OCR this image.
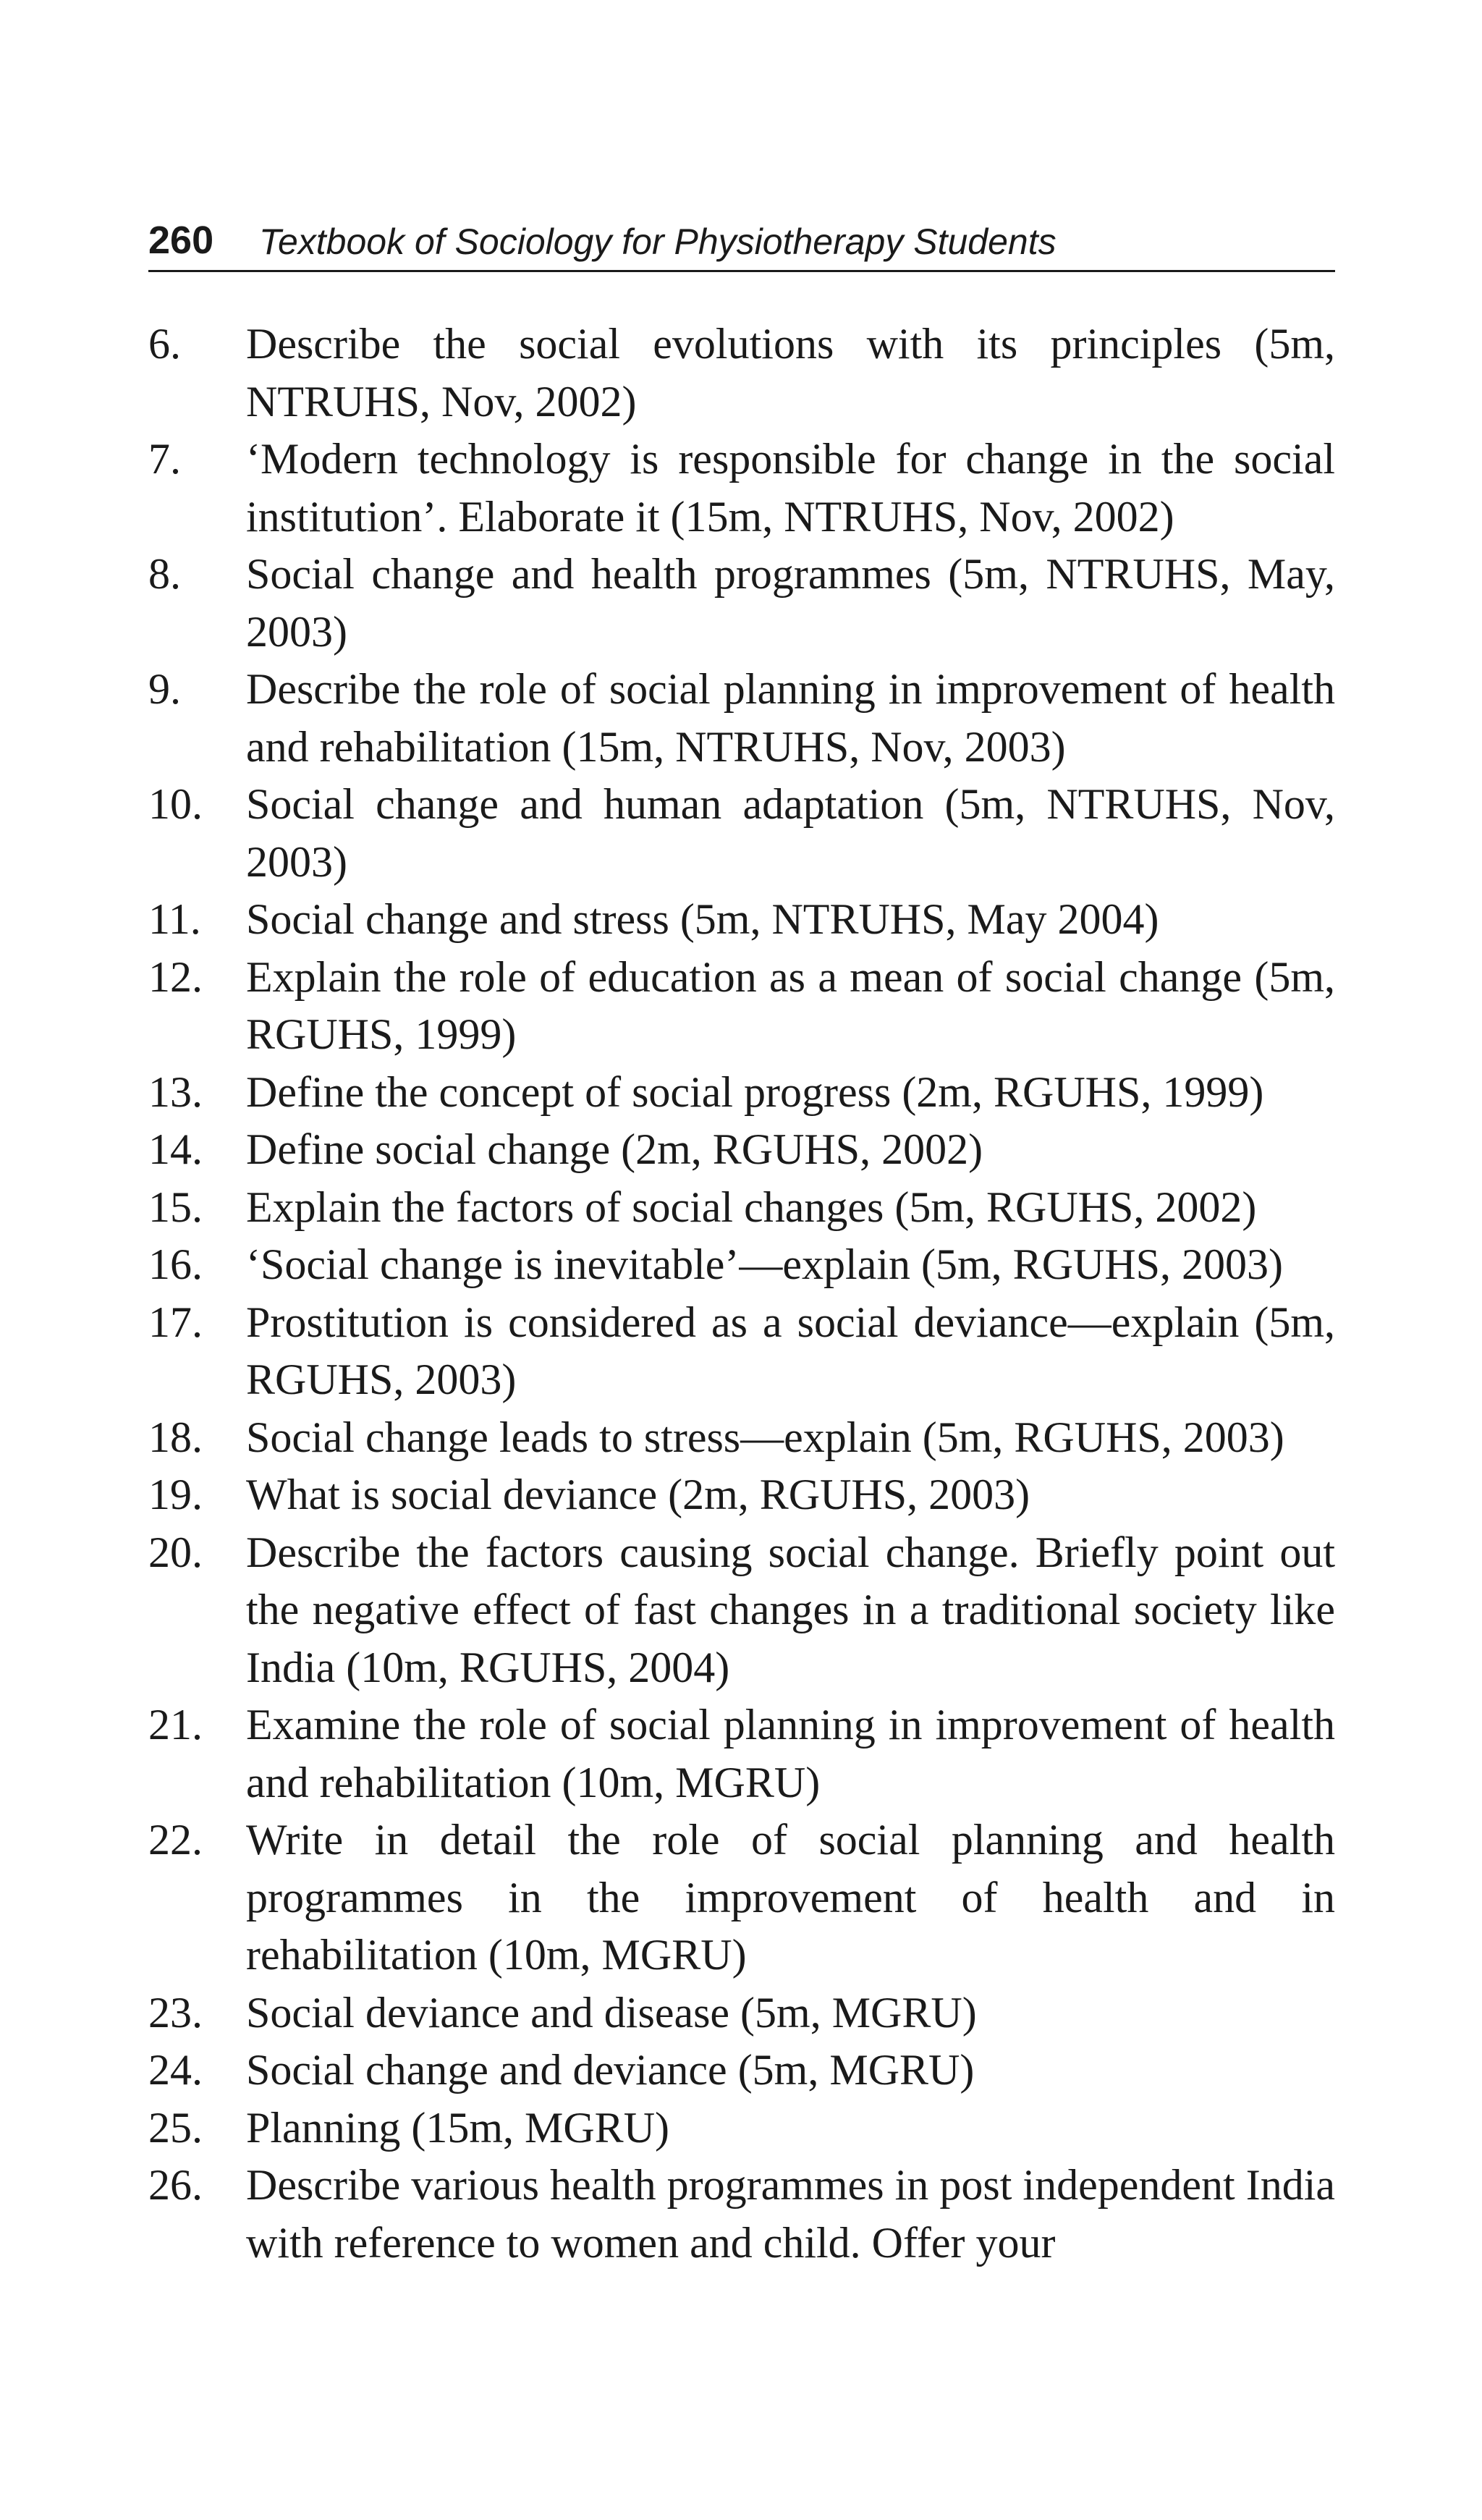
260 Textbook of Sociology for Physiotherapy Students
6.	Describe the social evolutions with its principles (5m, NTRUHS, Nov, 2002)
7.	‘Modern technology is responsible for change in the social institution’. Elaborate it (15m, NTRUHS, Nov, 2002)
8.	Social change and health programmes (5m, NTRUHS, May, 2003)
9.	Describe the role of social planning in improvement of health and rehabilitation (15m, NTRUHS, Nov, 2003)
10.	Social change and human adaptation (5m, NTRUHS, Nov, 2003)
11.	Social change and stress (5m, NTRUHS, May 2004)
12.	Explain the role of education as a mean of social change (5m, RGUHS, 1999)
13.	Define the concept of social progress (2m, RGUHS, 1999)
14.	Define social change (2m, RGUHS, 2002)
15.	Explain the factors of social changes (5m, RGUHS, 2002)
16.	‘Social change is inevitable’—explain (5m, RGUHS, 2003)
17.	Prostitution is considered as a social deviance—explain (5m, RGUHS, 2003)
18.	Social change leads to stress—explain (5m, RGUHS, 2003)
19.	What is social deviance (2m, RGUHS, 2003)
20.	Describe the factors causing social change. Briefly point out the negative effect of fast changes in a traditional society like India (10m, RGUHS, 2004)
21.	Examine the role of social planning in improvement of health and rehabilitation (10m, MGRU)
22.	Write in detail the role of social planning and health programmes in the improvement of health and in rehabilitation (10m, MGRU)
23.	Social deviance and disease (5m, MGRU)
24.	Social change and deviance (5m, MGRU)
25.	Planning (15m, MGRU)
26.	Describe various health programmes in post independent India with reference to women and child. Offer your
